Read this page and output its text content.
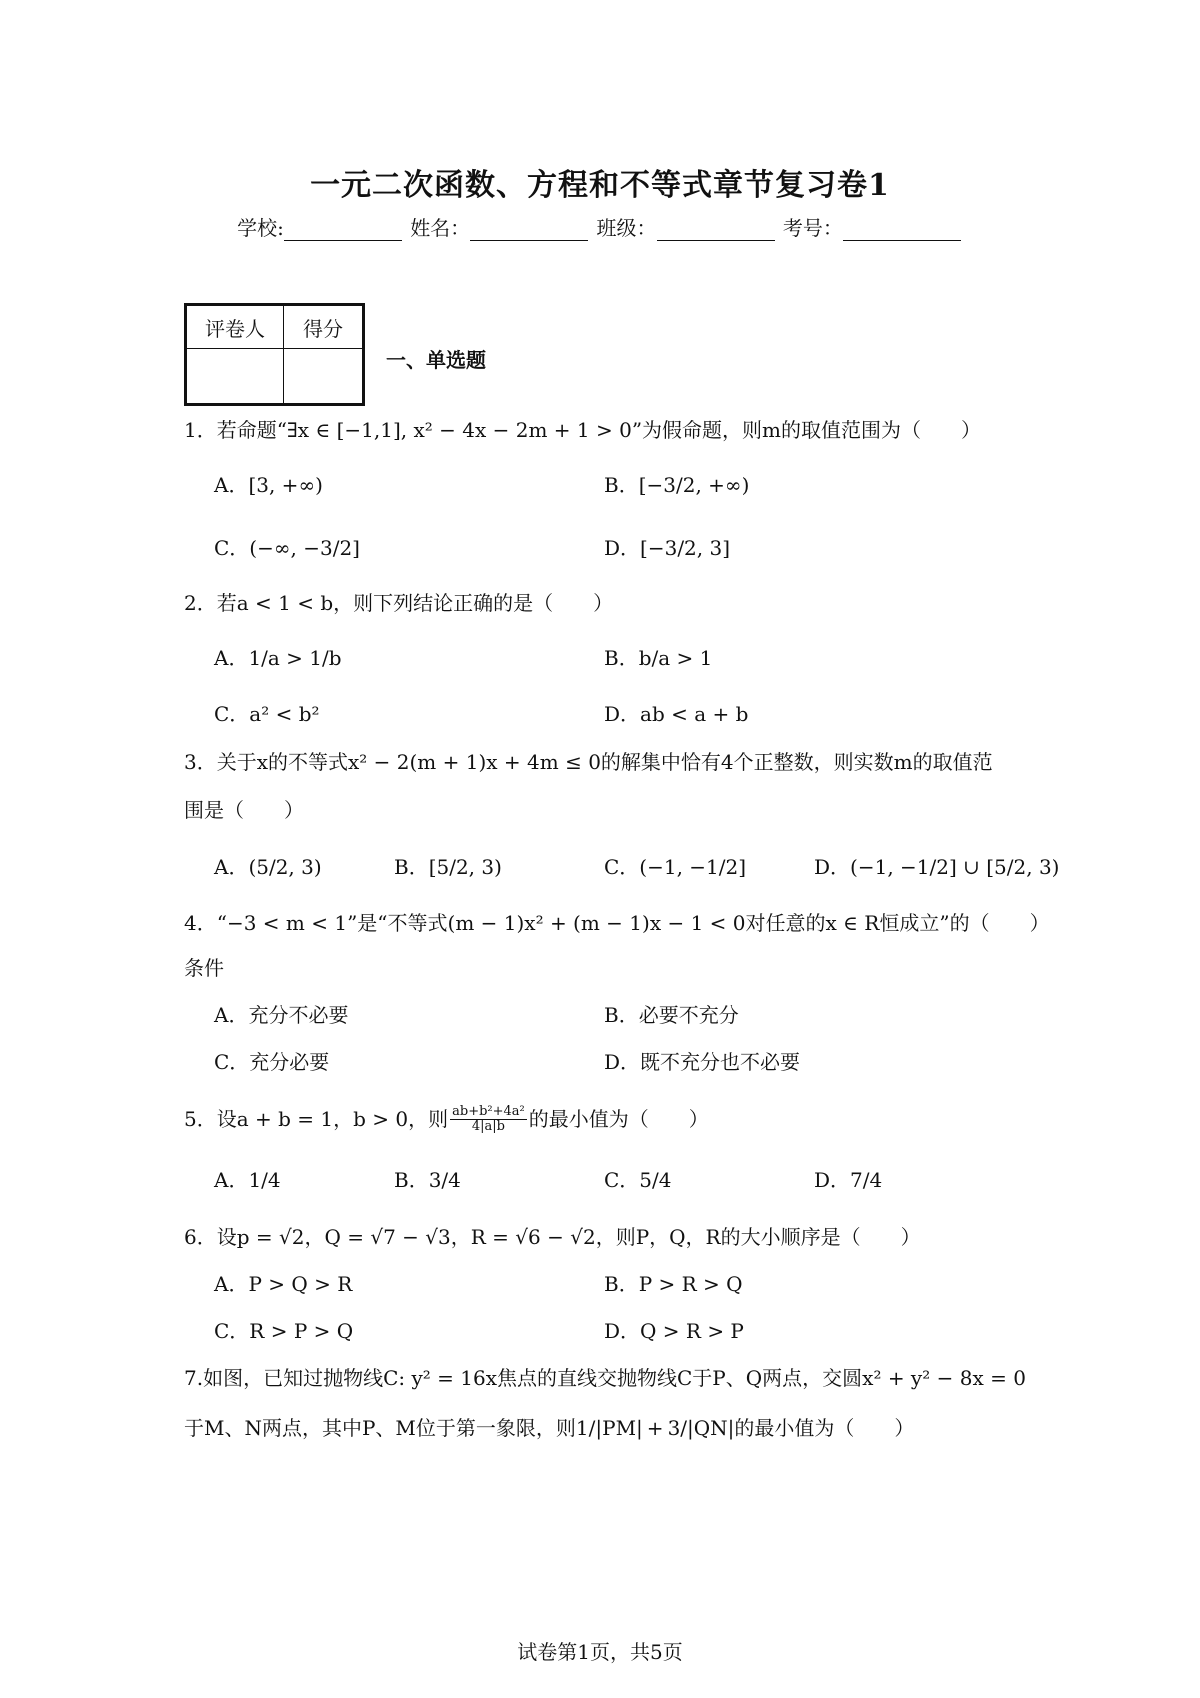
一元二次函数、方程和不等式章节复习卷1
学校:	姓名：	班级：	考号：
评卷人	得分

一、单选题
1．若命题“∃x ∈ [−1,1], x² − 4x − 2m + 1 > 0”为假命题，则m的取值范围为（　　）
A．[3, +∞)	B．[−3/2, +∞)
C．(−∞, −3/2]	D．[−3/2, 3]
2．若a < 1 < b，则下列结论正确的是（　　）
A．1/a > 1/b	B．b/a > 1
C．a² < b²	D．ab < a + b
3．关于x的不等式x² − 2(m + 1)x + 4m ≤ 0的解集中恰有4个正整数，则实数m的取值范
围是（　　）
A．(5/2, 3)	B．[5/2, 3)	C．(−1, −1/2]	D．(−1, −1/2] ∪ [5/2, 3)
4．“−3 < m < 1”是“不等式(m − 1)x² + (m − 1)x − 1 < 0对任意的x ∈ R恒成立”的（　　）
条件
A．充分不必要	B．必要不充分
C．充分必要	D．既不充分也不必要
5． 设a + b = 1，b > 0，则 $\frac{\text{ab+b²+4a²}}{4|a|b}$ 的最小值为（　　）
A．1/4	B．3/4	C．5/4	D．7/4
6．设p = √2，Q = √7 − √3，R = √6 − √2，则P，Q，R的大小顺序是（　　）
A．P > Q > R	B．P > R > Q
C．R > P > Q	D．Q > R > P
7.如图，已知过抛物线C: y² = 16x焦点的直线交抛物线C于P、Q两点，交圆x² + y² − 8x = 0
于M、N两点，其中P、M位于第一象限，则 1/|PM| + 3/|QN| 的最小值为（　　）
试卷第1页，共5页
